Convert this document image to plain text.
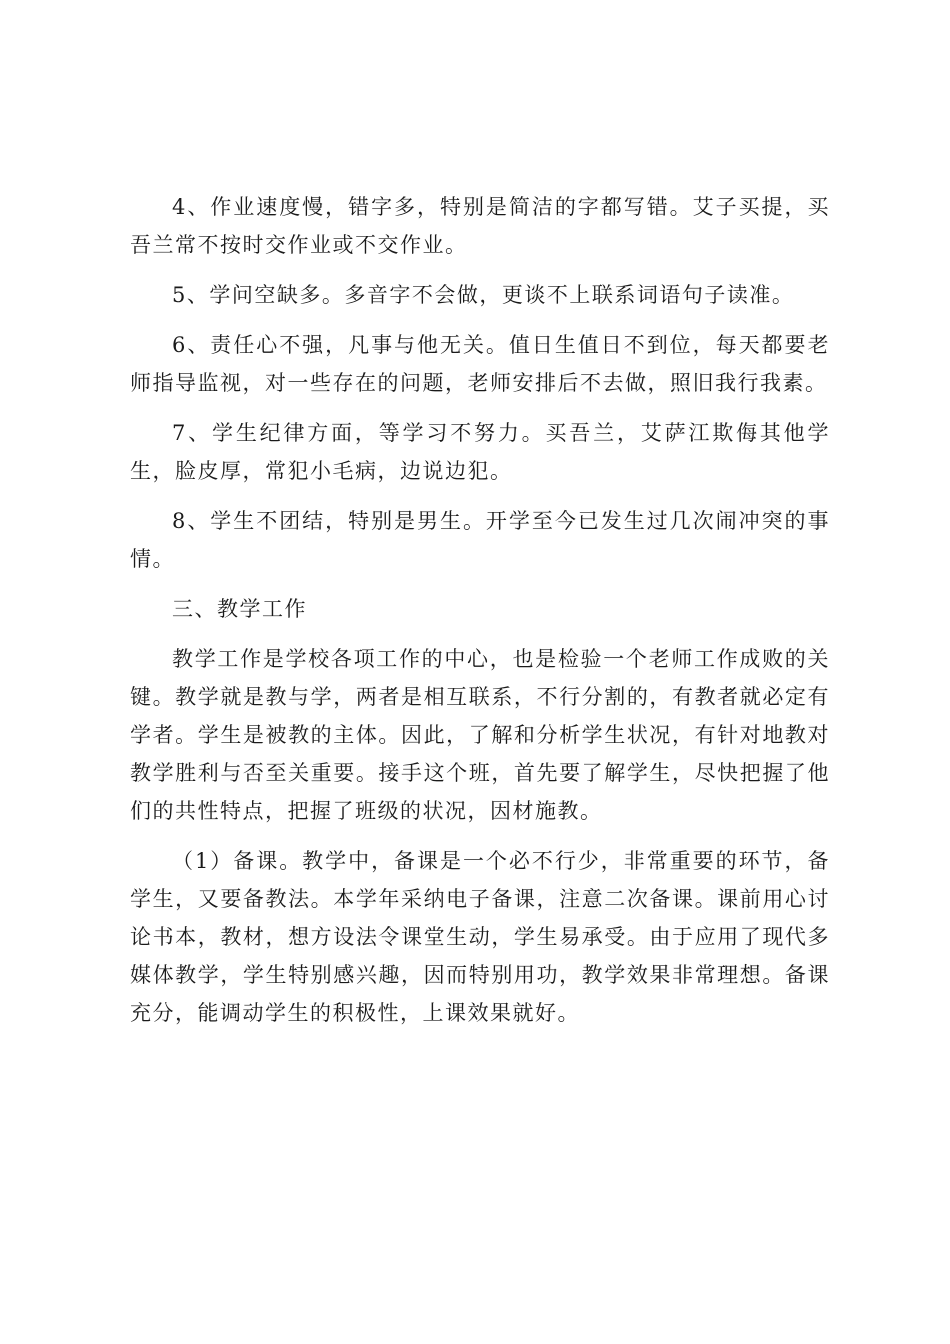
4、作业速度慢，错字多，特别是简洁的字都写错。艾子买提，买吾兰常不按时交作业或不交作业。

5、学问空缺多。多音字不会做，更谈不上联系词语句子读准。

6、责任心不强，凡事与他无关。值日生值日不到位，每天都要老师指导监视，对一些存在的问题，老师安排后不去做，照旧我行我素。

7、学生纪律方面，等学习不努力。买吾兰，艾萨江欺侮其他学生，脸皮厚，常犯小毛病，边说边犯。

8、学生不团结，特别是男生。开学至今已发生过几次闹冲突的事情。

三、教学工作

教学工作是学校各项工作的中心，也是检验一个老师工作成败的关键。教学就是教与学，两者是相互联系，不行分割的，有教者就必定有学者。学生是被教的主体。因此，了解和分析学生状况，有针对地教对教学胜利与否至关重要。接手这个班，首先要了解学生，尽快把握了他们的共性特点，把握了班级的状况，因材施教。

（1）备课。教学中，备课是一个必不行少，非常重要的环节，备学生，又要备教法。本学年采纳电子备课，注意二次备课。课前用心讨论书本，教材，想方设法令课堂生动，学生易承受。由于应用了现代多媒体教学，学生特别感兴趣，因而特别用功，教学效果非常理想。备课充分，能调动学生的积极性，上课效果就好。
